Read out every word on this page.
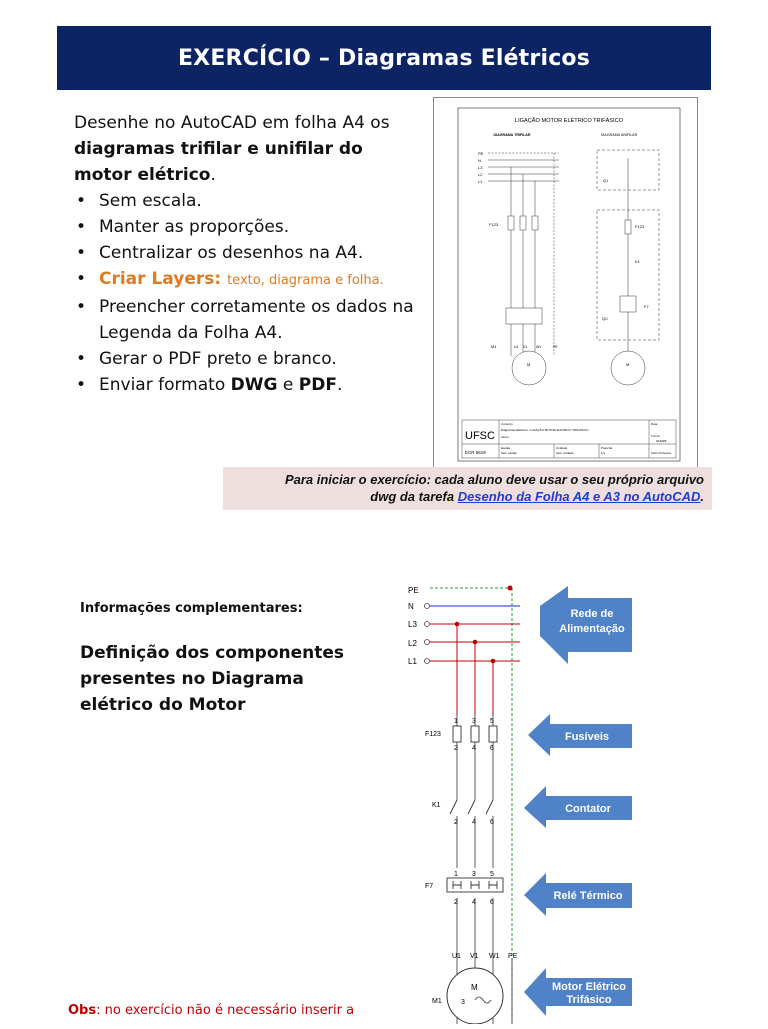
EXERCÍCIO – Diagramas Elétricos

Desenhe no AutoCAD em folha A4 os diagramas trifilar e unifilar do motor elétrico.

• Sem escala.
• Manter as proporções.
• Centralizar os desenhos na A4.
• Criar Layers: texto, diagrama e folha.
• Preencher corretamente os dados na Legenda da Folha A4.
• Gerar o PDF preto e branco.
• Enviar formato DWG e PDF.
LIGAÇÃO MOTOR ELÉTRICO TRIFÁSICO
DIAGRAMA TRIFILAR	DIAGRAMA UNIFILAR
PE
N
L3
L2
L1
F123
M1
M
U1 V1 W1	PE
Q1
F123
K1
F7
QC
M
UFSC
ECR 5619
Curso(s)
Diagramas Elétricos • LIGAÇÃO MOTOR ELÉTRICO TRIFÁSICO
Aluno
Data
Turma
04404B
Escala
Sem escala
Unidade
Sem unidade
Prancha
1/1	Visto Professor
Para iniciar o exercício: cada aluno deve usar o seu próprio arquivo
dwg da tarefa Desenho da Folha A4 e A3 no AutoCAD.
Informações complementares:
Definição dos componentes presentes no Diagrama elétrico do Motor
PE
N
L3
L2
L1
F123
K1
F7
1 3 5
2 4 6
2 4 6
1 3 5
2 4 6
U1 V1 W1 PE
M
3
M1
Rede de
Alimentação
Fusíveis
Contator
Relé Térmico
Motor Elétrico
Trifásico
Obs: no exercício não é necessário inserir a
